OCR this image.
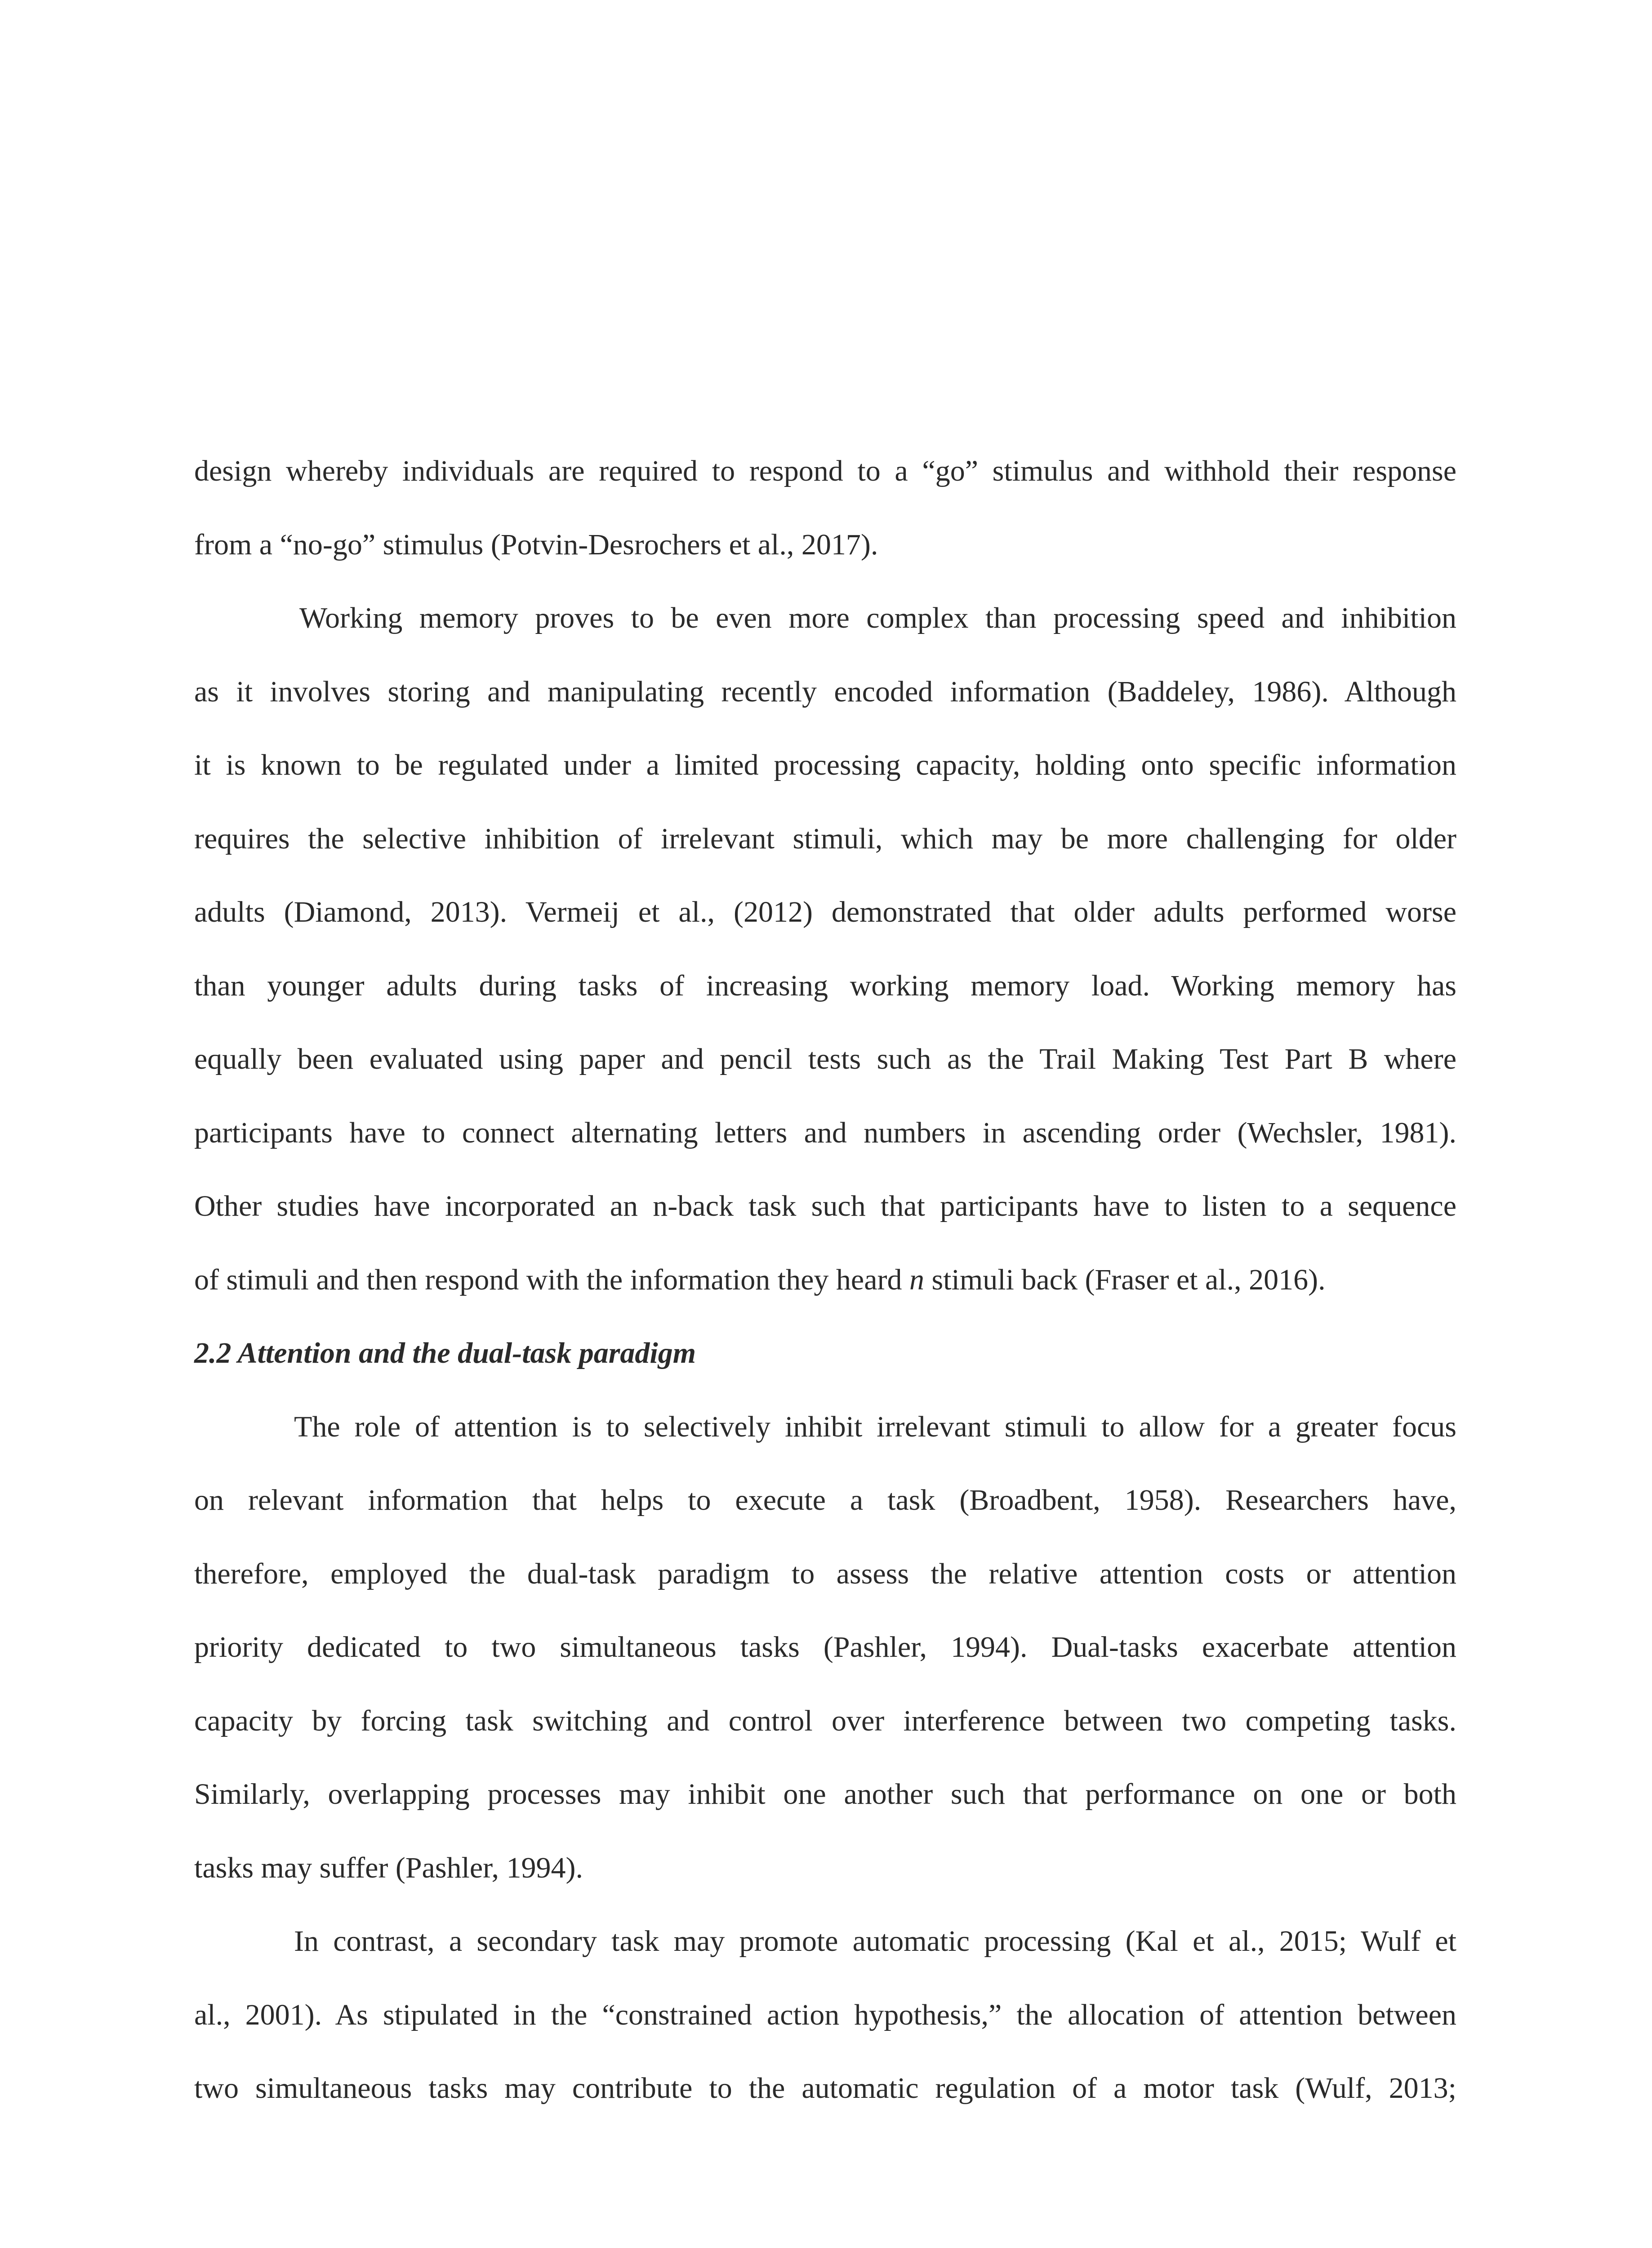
design whereby individuals are required to respond to a “go” stimulus and withhold their response
from a “no-go” stimulus (Potvin-Desrochers et al., 2017).
Working memory proves to be even more complex than processing speed and inhibition
as it involves storing and manipulating recently encoded information (Baddeley, 1986). Although
it is known to be regulated under a limited processing capacity, holding onto specific information
requires the selective inhibition of irrelevant stimuli, which may be more challenging for older
adults (Diamond, 2013). Vermeij et al., (2012) demonstrated that older adults performed worse
than younger adults during tasks of increasing working memory load. Working memory has
equally been evaluated using paper and pencil tests such as the Trail Making Test Part B where
participants have to connect alternating letters and numbers in ascending order (Wechsler, 1981).
Other studies have incorporated an n-back task such that participants have to listen to a sequence
of stimuli and then respond with the information they heard n stimuli back (Fraser et al., 2016).
2.2 Attention and the dual-task paradigm
The role of attention is to selectively inhibit irrelevant stimuli to allow for a greater focus
on relevant information that helps to execute a task (Broadbent, 1958). Researchers have,
therefore, employed the dual-task paradigm to assess the relative attention costs or attention
priority dedicated to two simultaneous tasks (Pashler, 1994). Dual-tasks exacerbate attention
capacity by forcing task switching and control over interference between two competing tasks.
Similarly, overlapping processes may inhibit one another such that performance on one or both
tasks may suffer (Pashler, 1994).
In contrast, a secondary task may promote automatic processing (Kal et al., 2015; Wulf et
al., 2001). As stipulated in the “constrained action hypothesis,” the allocation of attention between
two simultaneous tasks may contribute to the automatic regulation of a motor task (Wulf, 2013;
